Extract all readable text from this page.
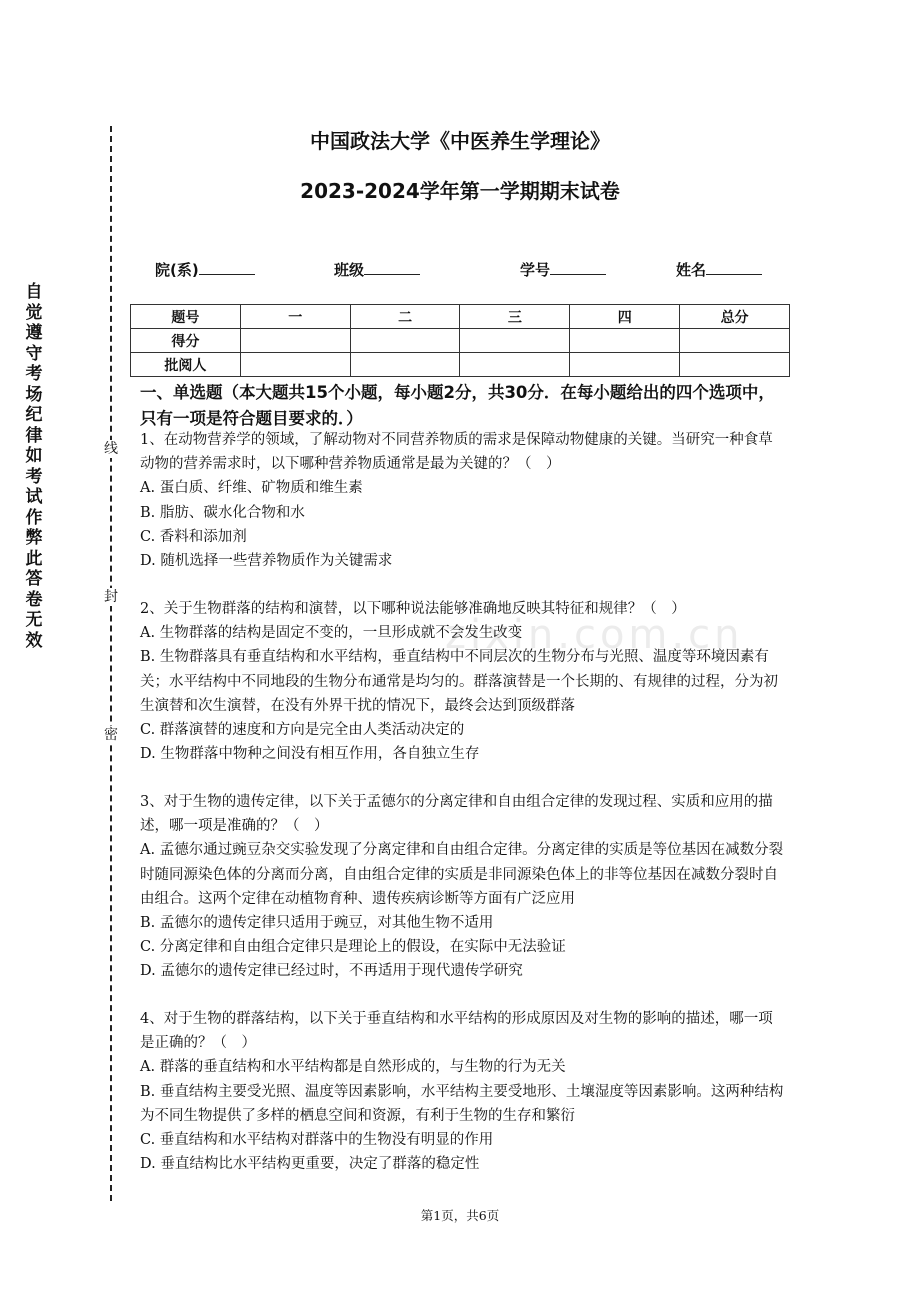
zixin.com.cn
自觉遵守考场纪律如考试作弊此答卷无效
线
封
密
中国政法大学《中医养生学理论》
2023-2024学年第一学期期末试卷
院(系)	班级	学号	姓名
题号	一	二	三	四	总分
得分					
批阅人					
一、单选题（本大题共15个小题，每小题2分，共30分．在每小题给出的四个选项中，只有一项是符合题目要求的．）

1、在动物营养学的领域，了解动物对不同营养物质的需求是保障动物健康的关键。当研究一种食草动物的营养需求时，以下哪种营养物质通常是最为关键的？（　）

A. 蛋白质、纤维、矿物质和维生素

B. 脂肪、碳水化合物和水

C. 香料和添加剂

D. 随机选择一些营养物质作为关键需求

2、关于生物群落的结构和演替，以下哪种说法能够准确地反映其特征和规律？（　）

A. 生物群落的结构是固定不变的，一旦形成就不会发生改变

B. 生物群落具有垂直结构和水平结构，垂直结构中不同层次的生物分布与光照、温度等环境因素有关；水平结构中不同地段的生物分布通常是均匀的。群落演替是一个长期的、有规律的过程，分为初生演替和次生演替，在没有外界干扰的情况下，最终会达到顶级群落

C. 群落演替的速度和方向是完全由人类活动决定的

D. 生物群落中物种之间没有相互作用，各自独立生存

3、对于生物的遗传定律，以下关于孟德尔的分离定律和自由组合定律的发现过程、实质和应用的描述，哪一项是准确的？（　）

A. 孟德尔通过豌豆杂交实验发现了分离定律和自由组合定律。分离定律的实质是等位基因在减数分裂时随同源染色体的分离而分离，自由组合定律的实质是非同源染色体上的非等位基因在减数分裂时自由组合。这两个定律在动植物育种、遗传疾病诊断等方面有广泛应用

B. 孟德尔的遗传定律只适用于豌豆，对其他生物不适用

C. 分离定律和自由组合定律只是理论上的假设，在实际中无法验证

D. 孟德尔的遗传定律已经过时，不再适用于现代遗传学研究

4、对于生物的群落结构，以下关于垂直结构和水平结构的形成原因及对生物的影响的描述，哪一项是正确的？（　）

A. 群落的垂直结构和水平结构都是自然形成的，与生物的行为无关

B. 垂直结构主要受光照、温度等因素影响，水平结构主要受地形、土壤湿度等因素影响。这两种结构为不同生物提供了多样的栖息空间和资源，有利于生物的生存和繁衍

C. 垂直结构和水平结构对群落中的生物没有明显的作用

D. 垂直结构比水平结构更重要，决定了群落的稳定性

第1页，共6页
